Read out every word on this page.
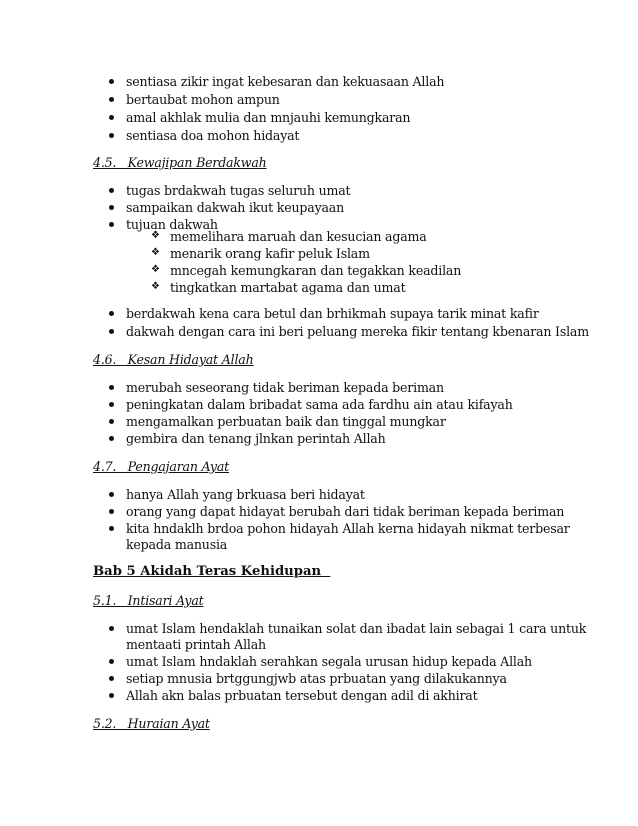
sentiasa zikir ingat kebesaran dan kekuasaan Allah
bertaubat mohon ampun
amal akhlak mulia dan mnjauhi kemungkaran
sentiasa doa mohon hidayat
4.5.   Kewajipan Berdakwah
tugas brdakwah tugas seluruh umat
sampaikan dakwah ikut keupayaan
tujuan dakwah
❖ memelihara maruah dan kesucian agama
❖ menarik orang kafir peluk Islam
❖ mncegah kemungkaran dan tegakkan keadilan
❖ tingkatkan martabat agama dan umat
berdakwah kena cara betul dan brhikmah supaya tarik minat kafir
dakwah dengan cara ini beri peluang mereka fikir tentang kbenaran Islam
4.6.   Kesan Hidayat Allah
merubah seseorang tidak beriman kepada beriman
peningkatan dalam bribadat sama ada fardhu ain atau kifayah
mengamalkan perbuatan baik dan tinggal mungkar
gembira dan tenang jlnkan perintah Allah
4.7.   Pengajaran Ayat
hanya Allah yang brkuasa beri hidayat
orang yang dapat hidayat berubah dari tidak beriman kepada beriman
kita hndaklh brdoa pohon hidayah Allah kerna hidayah nikmat terbesar
kepada manusia
Bab 5 Akidah Teras Kehidupan
5.1.   Intisari Ayat
umat Islam hendaklah tunaikan solat dan ibadat lain sebagai 1 cara untuk
mentaati printah Allah
umat Islam hndaklah serahkan segala urusan hidup kepada Allah
setiap mnusia brtggungjwb atas prbuatan yang dilakukannya
Allah akn balas prbuatan tersebut dengan adil di akhirat
5.2.   Huraian Ayat
